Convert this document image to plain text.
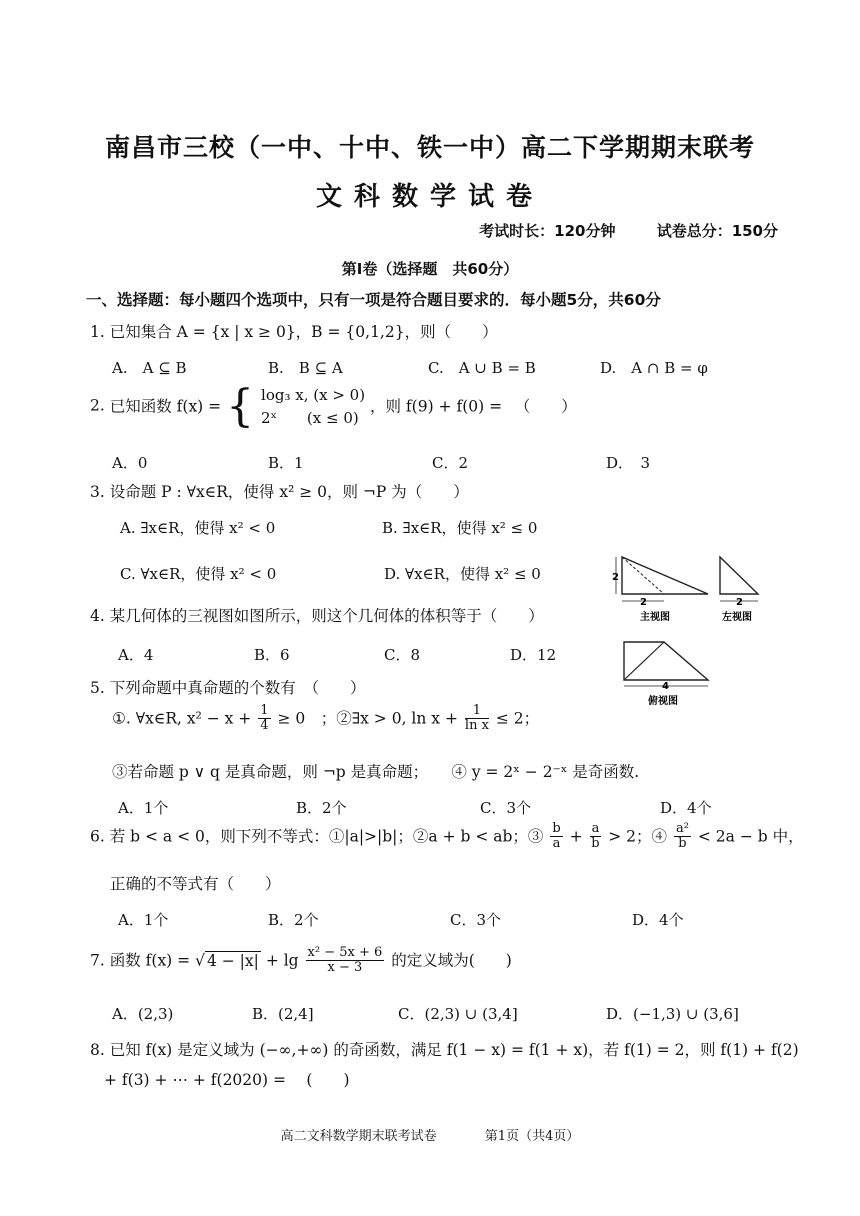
南昌市三校（一中、十中、铁一中）高二下学期期末联考
文科数学试卷
考试时长：120分钟	试卷总分：150分
第Ⅰ卷（选择题　共60分）
一、选择题：每小题四个选项中，只有一项是符合题目要求的．每小题5分，共60分
1. 已知集合 A = {x | x ≥ 0}，B = {0,1,2}，则（　　）
A.　A ⊆ B	B.　B ⊆ A	C.　A ∪ B = B	D.　A ∩ B = φ
2. 已知函数 f(x) = { log₃ x, (x > 0)
2ˣ　　(x ≤ 0)
，则 f(9) + f(0) = 　（　　）
A．0	B．1	C．2	D．　3
3. 设命题 P : ∀x∈R，使得 x² ≥ 0，则 ¬P 为（　　）
A. ∃x∈R，使得 x² < 0	B. ∃x∈R，使得 x² ≤ 0
C. ∀x∈R，使得 x² < 0	D. ∀x∈R，使得 x² ≤ 0	2
2
主视图
2
左视图
4
俯视图
4. 某几何体的三视图如图所示，则这个几何体的体积等于（　　）
A．4	B．6	C．8	D．12
5. 下列命题中真命题的个数有　（　　）
①. ∀x∈R, $x^2 - x + \frac{1}{4} \ge 0$　；②∃x > 0, $\ln x + \frac{1}{\text{ln x}} \le 2$；
③若命题 p ∨ q 是真命题，则 ¬p 是真命题；　　④ y = 2ˣ − 2⁻ˣ 是奇函数.
A．1个	B．2个	C．3个	D．4个
6. 若 b < a < 0，则下列不等式：①|a|>|b|；②a + b < ab；③ $\frac{b}{a} + \frac{a}{b} > 2$；④ $\frac{\text{a²}}{b} < 2a - b$ 中，
正确的不等式有（　　）
A．1个	B．2个	C．3个	D．4个
7. 函数 f(x) = √ $4 - |x| + \lg \frac{\text{x² − 5x + 6}}{x - 3}$ 的定义域为(　　)
A．(2,3)	B．(2,4]	C．(2,3) ∪ (3,4]	D．(−1,3) ∪ (3,6]
8. 已知 f(x) 是定义域为 (−∞,+∞) 的奇函数，满足 f(1 − x) = f(1 + x)，若 f(1) = 2，则 f(1) + f(2)
+ f(3) + ⋯ + f(2020) = 　(　　)
高二文科数学期末联考试卷	第1页（共4页）
